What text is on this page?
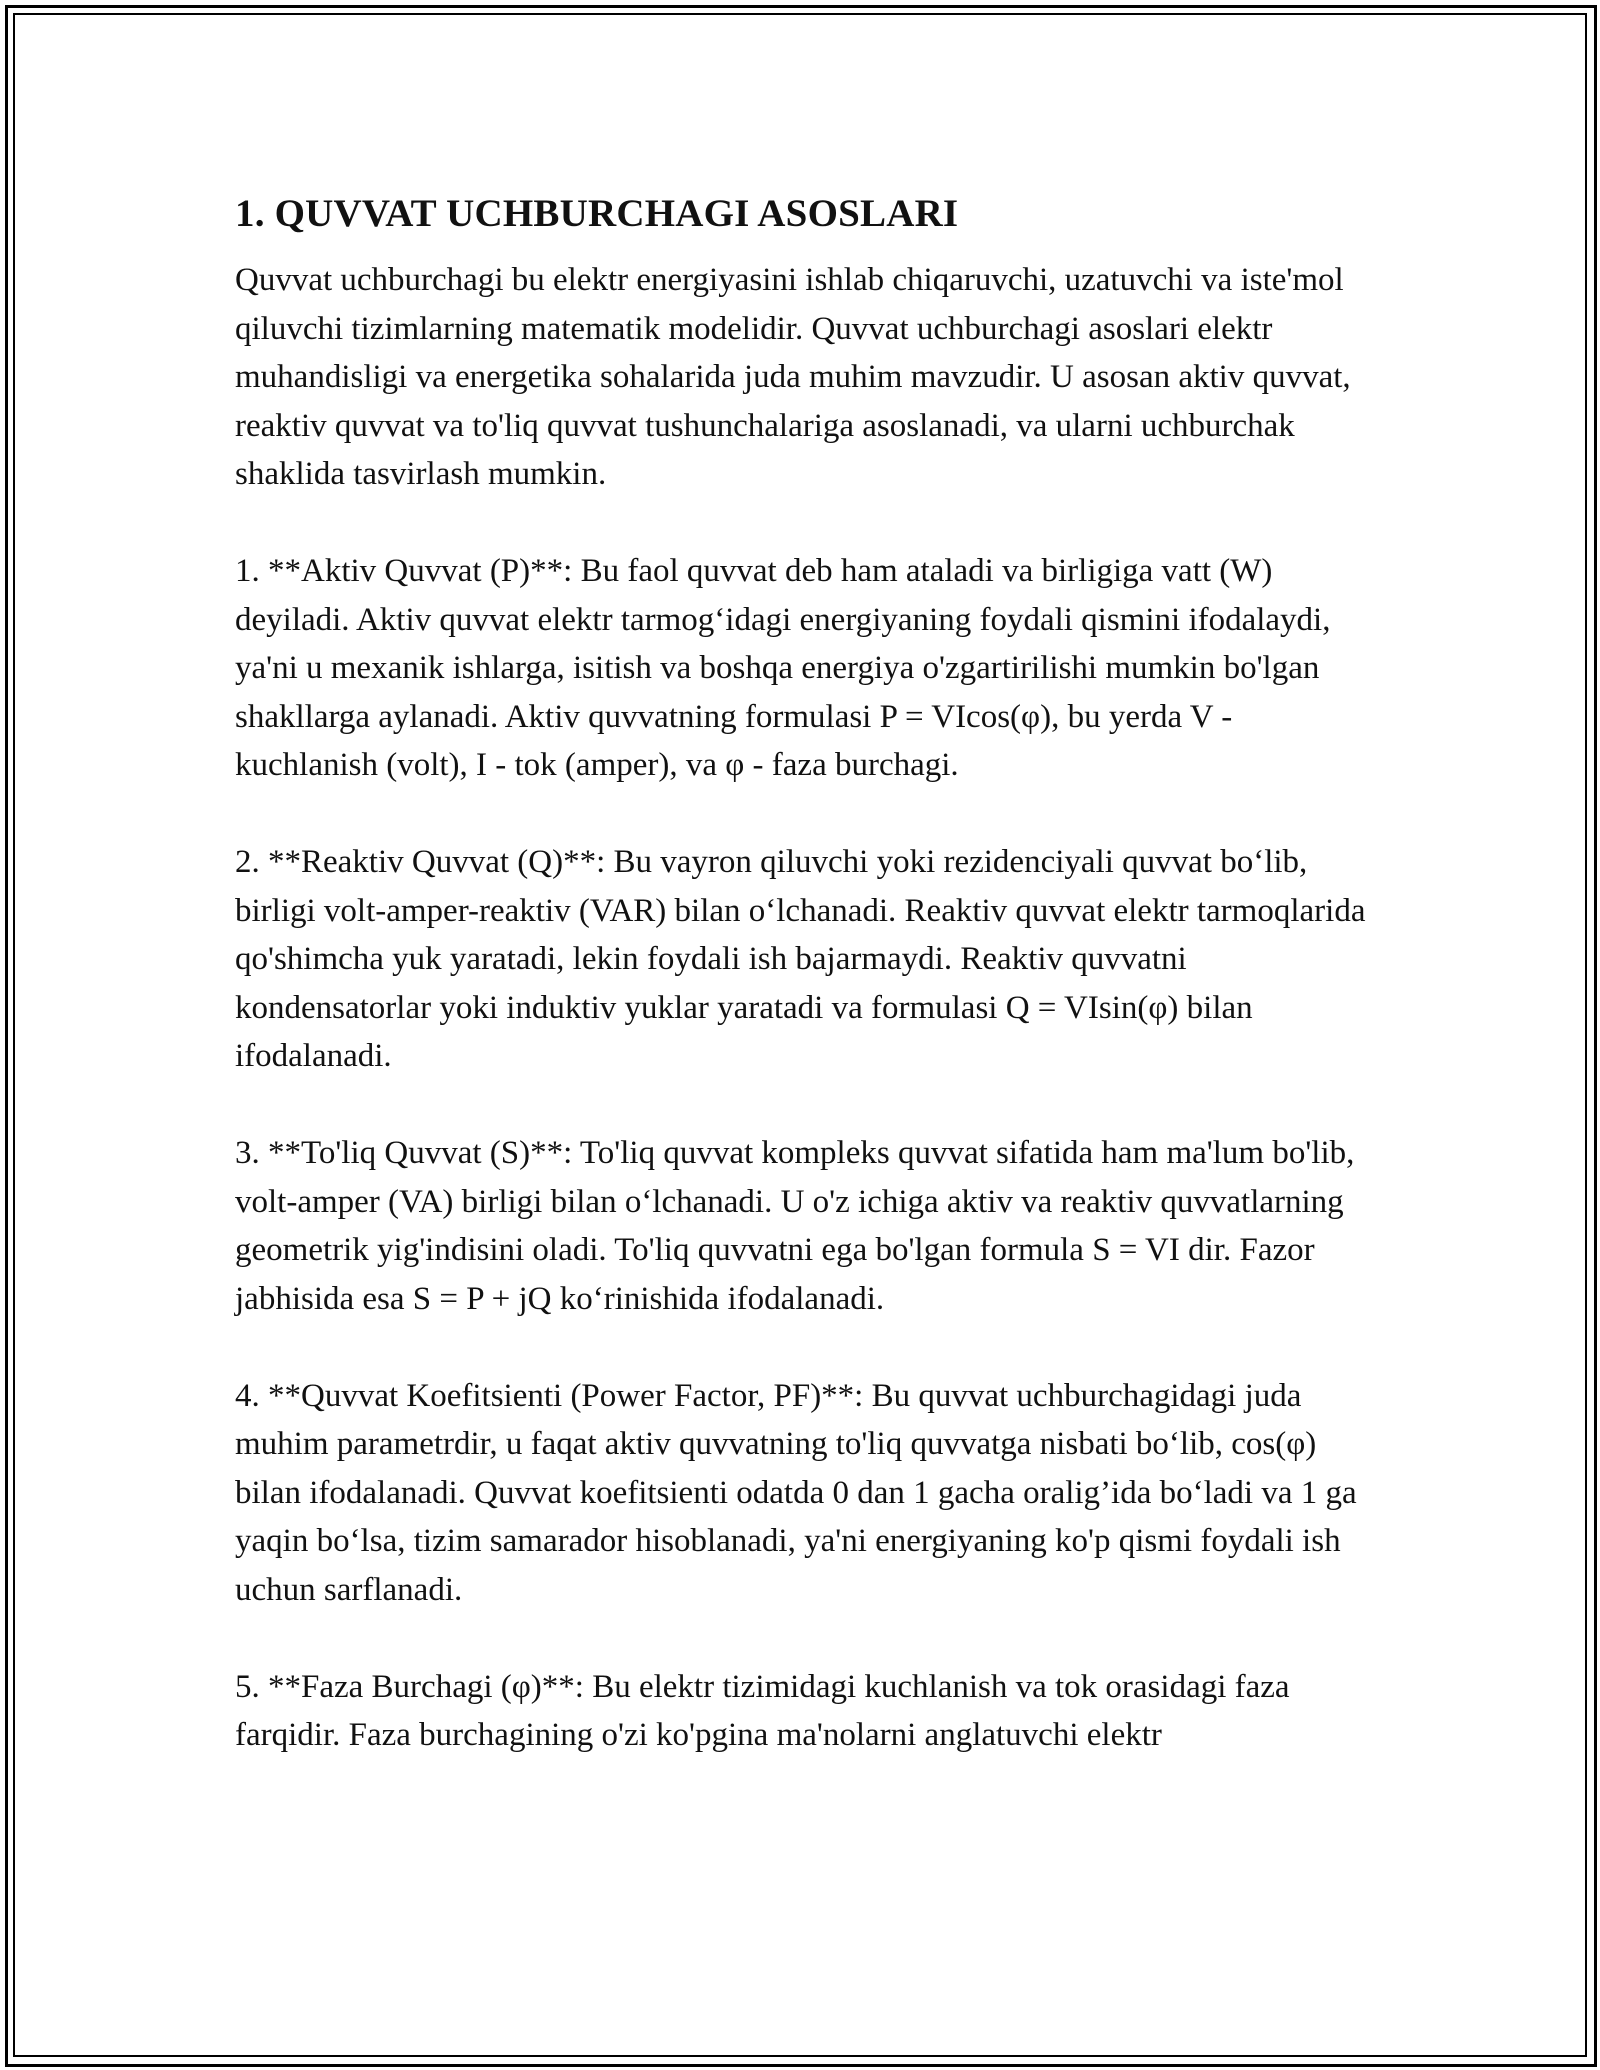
1. QUVVAT UCHBURCHAGI ASOSLARI

Quvvat uchburchagi bu elektr energiyasini ishlab chiqaruvchi, uzatuvchi va iste'mol qiluvchi tizimlarning matematik modelidir. Quvvat uchburchagi asoslari elektr muhandisligi va energetika sohalarida juda muhim mavzudir. U asosan aktiv quvvat, reaktiv quvvat va to'liq quvvat tushunchalariga asoslanadi, va ularni uchburchak shaklida tasvirlash mumkin.

1. **Aktiv Quvvat (P)**: Bu faol quvvat deb ham ataladi va birligiga vatt (W) deyiladi. Aktiv quvvat elektr tarmog‘idagi energiyaning foydali qismini ifodalaydi, ya'ni u mexanik ishlarga, isitish va boshqa energiya o'zgartirilishi mumkin bo'lgan shakllarga aylanadi. Aktiv quvvatning formulasi P = VIcos(φ), bu yerda V - kuchlanish (volt), I - tok (amper), va φ - faza burchagi.

2. **Reaktiv Quvvat (Q)**: Bu vayron qiluvchi yoki rezidenciyali quvvat bo‘lib, birligi volt-amper-reaktiv (VAR) bilan o‘lchanadi. Reaktiv quvvat elektr tarmoqlarida qo'shimcha yuk yaratadi, lekin foydali ish bajarmaydi. Reaktiv quvvatni kondensatorlar yoki induktiv yuklar yaratadi va formulasi Q = VIsin(φ) bilan ifodalanadi.

3. **To'liq Quvvat (S)**: To'liq quvvat kompleks quvvat sifatida ham ma'lum bo'lib, volt-amper (VA) birligi bilan o‘lchanadi. U o'z ichiga aktiv va reaktiv quvvatlarning geometrik yig'indisini oladi. To'liq quvvatni ega bo'lgan formula S = VI dir. Fazor jabhisida esa S = P + jQ ko‘rinishida ifodalanadi.

4. **Quvvat Koefitsienti (Power Factor, PF)**: Bu quvvat uchburchagidagi juda muhim parametrdir, u faqat aktiv quvvatning to'liq quvvatga nisbati bo‘lib, cos(φ) bilan ifodalanadi. Quvvat koefitsienti odatda 0 dan 1 gacha oralig’ida bo‘ladi va 1 ga yaqin bo‘lsa, tizim samarador hisoblanadi, ya'ni energiyaning ko'p qismi foydali ish uchun sarflanadi.

5. **Faza Burchagi (φ)**: Bu elektr tizimidagi kuchlanish va tok orasidagi faza farqidir. Faza burchagining o'zi ko'pgina ma'nolarni anglatuvchi elektr
